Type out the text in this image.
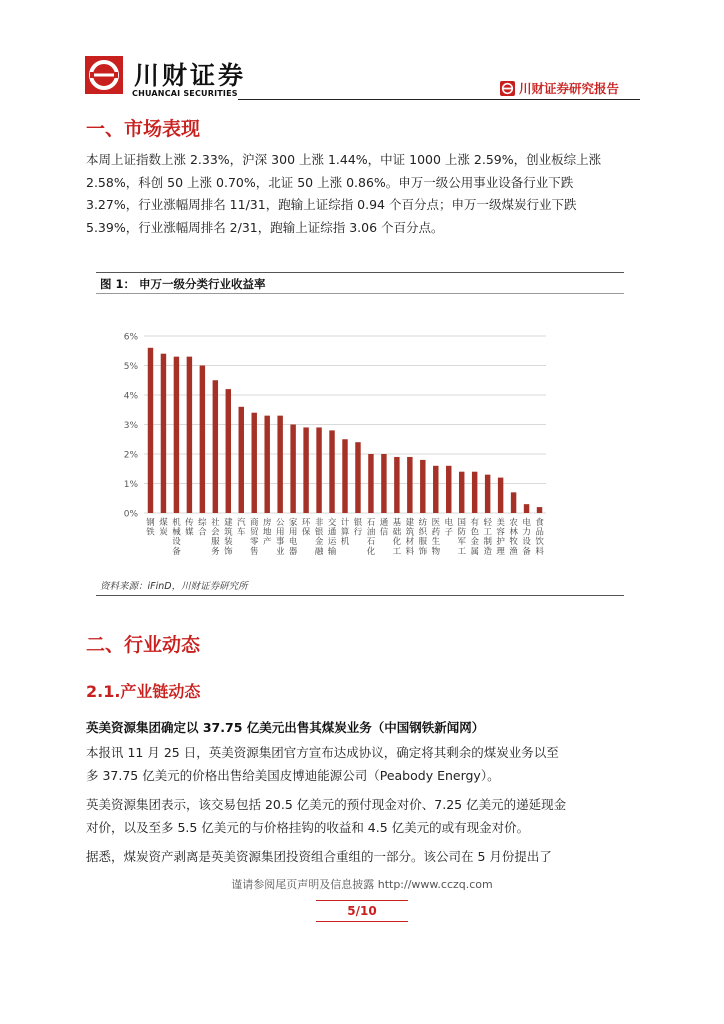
川财证券
CHUANCAI SECURITIES	川财证券研究报告
一、市场表现

本周上证指数上涨 2.33%，沪深 300 上涨 1.44%，中证 1000 上涨 2.59%，创业板综上涨

2.58%，科创 50 上涨 0.70%，北证 50 上涨 0.86%。申万一级公用事业设备行业下跌

3.27%，行业涨幅周排名 11/31，跑输上证综指 0.94 个百分点；申万一级煤炭行业下跌

5.39%，行业涨幅周排名 2/31，跑输上证综指 3.06 个百分点。

图 1： 申万一级分类行业收益率
0%
1%
2%
3%
4%
5%
6%
钢铁
煤炭
机械设备
传媒
综合
社会服务
建筑装饰
汽车
商贸零售
房地产
公用事业
家用电器
环保
非银金融
交通运输
计算机
银行
石油石化
通信
基础化工
建筑材料
纺织服饰
医药生物
电子
国防军工
有色金属
轻工制造
美容护理
农林牧渔
电力设备
食品饮料
资料来源：iFinD，川财证券研究所
二、行业动态
2.1.产业链动态
英美资源集团确定以 37.75 亿美元出售其煤炭业务（中国钢铁新闻网）

本报讯 11 月 25 日，英美资源集团官方宣布达成协议，确定将其剩余的煤炭业务以至

多 37.75 亿美元的价格出售给美国皮博迪能源公司（Peabody Energy）。

英美资源集团表示，该交易包括 20.5 亿美元的预付现金对价、7.25 亿美元的递延现金

对价，以及至多 5.5 亿美元的与价格挂钩的收益和 4.5 亿美元的或有现金对价。

据悉，煤炭资产剥离是英美资源集团投资组合重组的一部分。该公司在 5 月份提出了

谨请参阅尾页声明及信息披露 http://www.cczq.com
5/10
